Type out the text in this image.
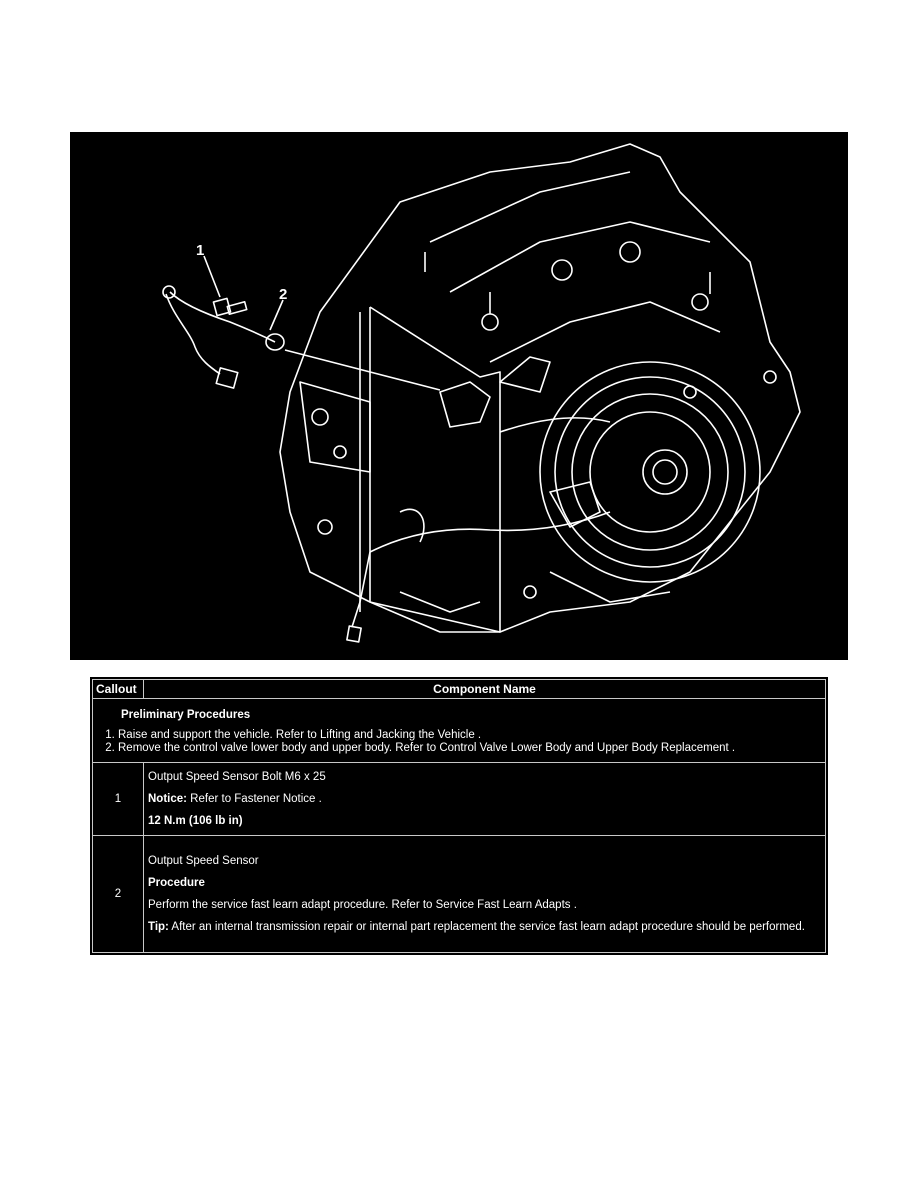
1
2
Callout	Component Name

Preliminary Procedures
1. Raise and support the vehicle. Refer to Lifting and Jacking the Vehicle .
2. Remove the control valve lower body and upper body. Refer to Control Valve Lower Body and Upper Body Replacement .

1	Output Speed Sensor Bolt M6 x 25

Notice: Refer to Fastener Notice .

12 N.m (106 lb in)

2	Output Speed Sensor

Procedure

Perform the service fast learn adapt procedure. Refer to Service Fast Learn Adapts .

Tip: After an internal transmission repair or internal part replacement the service fast learn adapt procedure should be performed.
